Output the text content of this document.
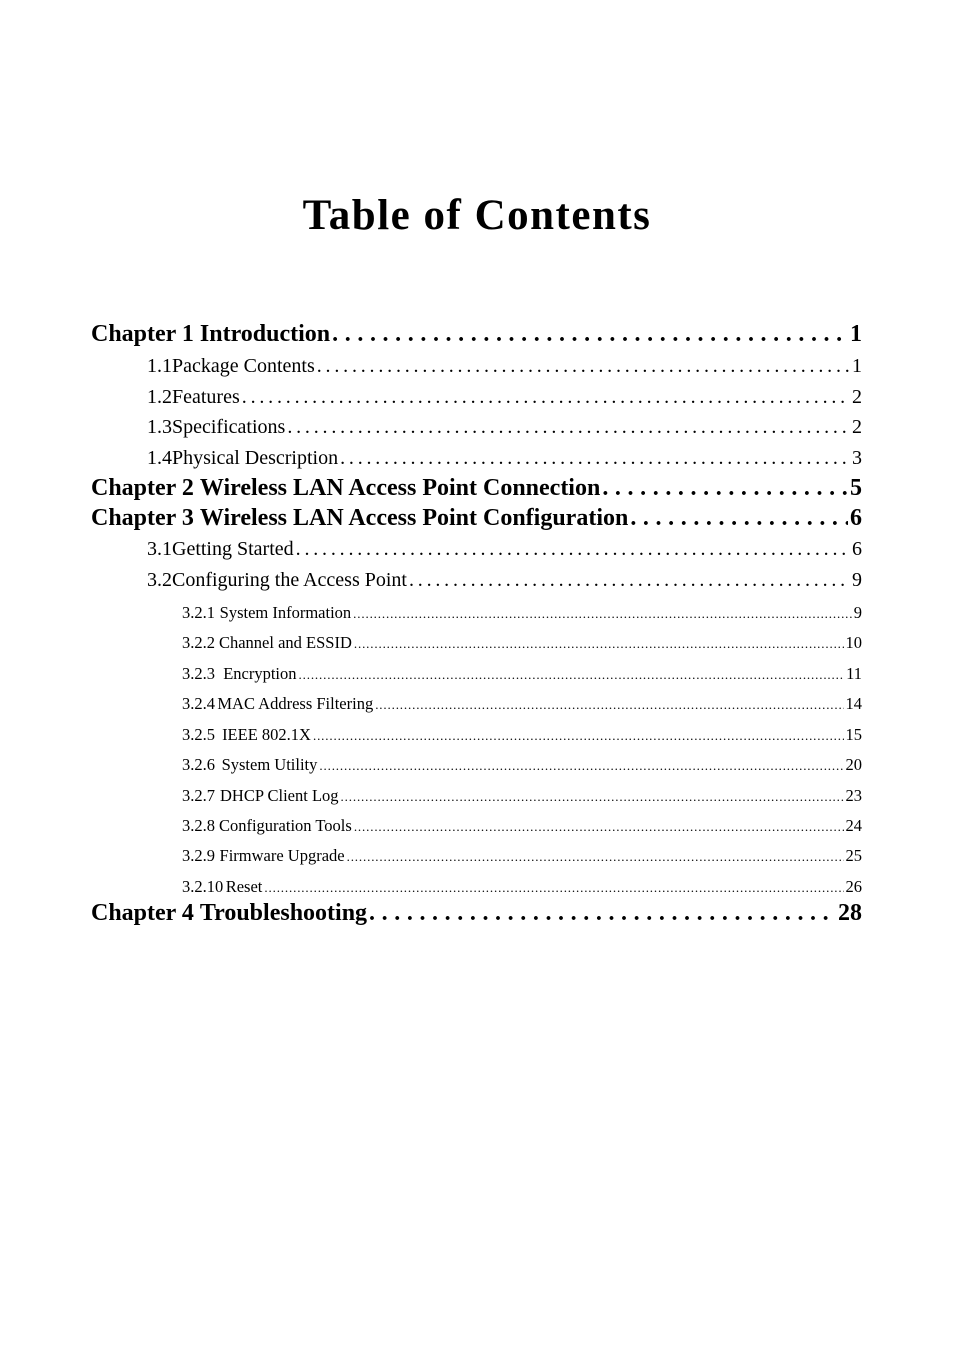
Table of Contents
Chapter 1 Introduction . . .	1
1.1 Package Contents . . .	1
1.2 Features . . .	2
1.3 Specifications . . .	2
1.4 Physical Description . . .	3
Chapter 2 Wireless LAN Access Point Connection . . .	5
Chapter 3 Wireless LAN Access Point Configuration . . .	6
3.1 Getting Started . . .	6
3.2 Configuring the Access Point . . .	9
3.2.1 System Information . . .	9
3.2.2 Channel and ESSID . . .	10
3.2.3 Encryption . . .	11
3.2.4 MAC Address Filtering . . .	14
3.2.5 IEEE 802.1X . . .	15
3.2.6 System Utility . . .	20
3.2.7 DHCP Client Log . . .	23
3.2.8 Configuration Tools . . .	24
3.2.9 Firmware Upgrade . . .	25
3.2.10 Reset . . .	26
Chapter 4 Troubleshooting . . .	28
